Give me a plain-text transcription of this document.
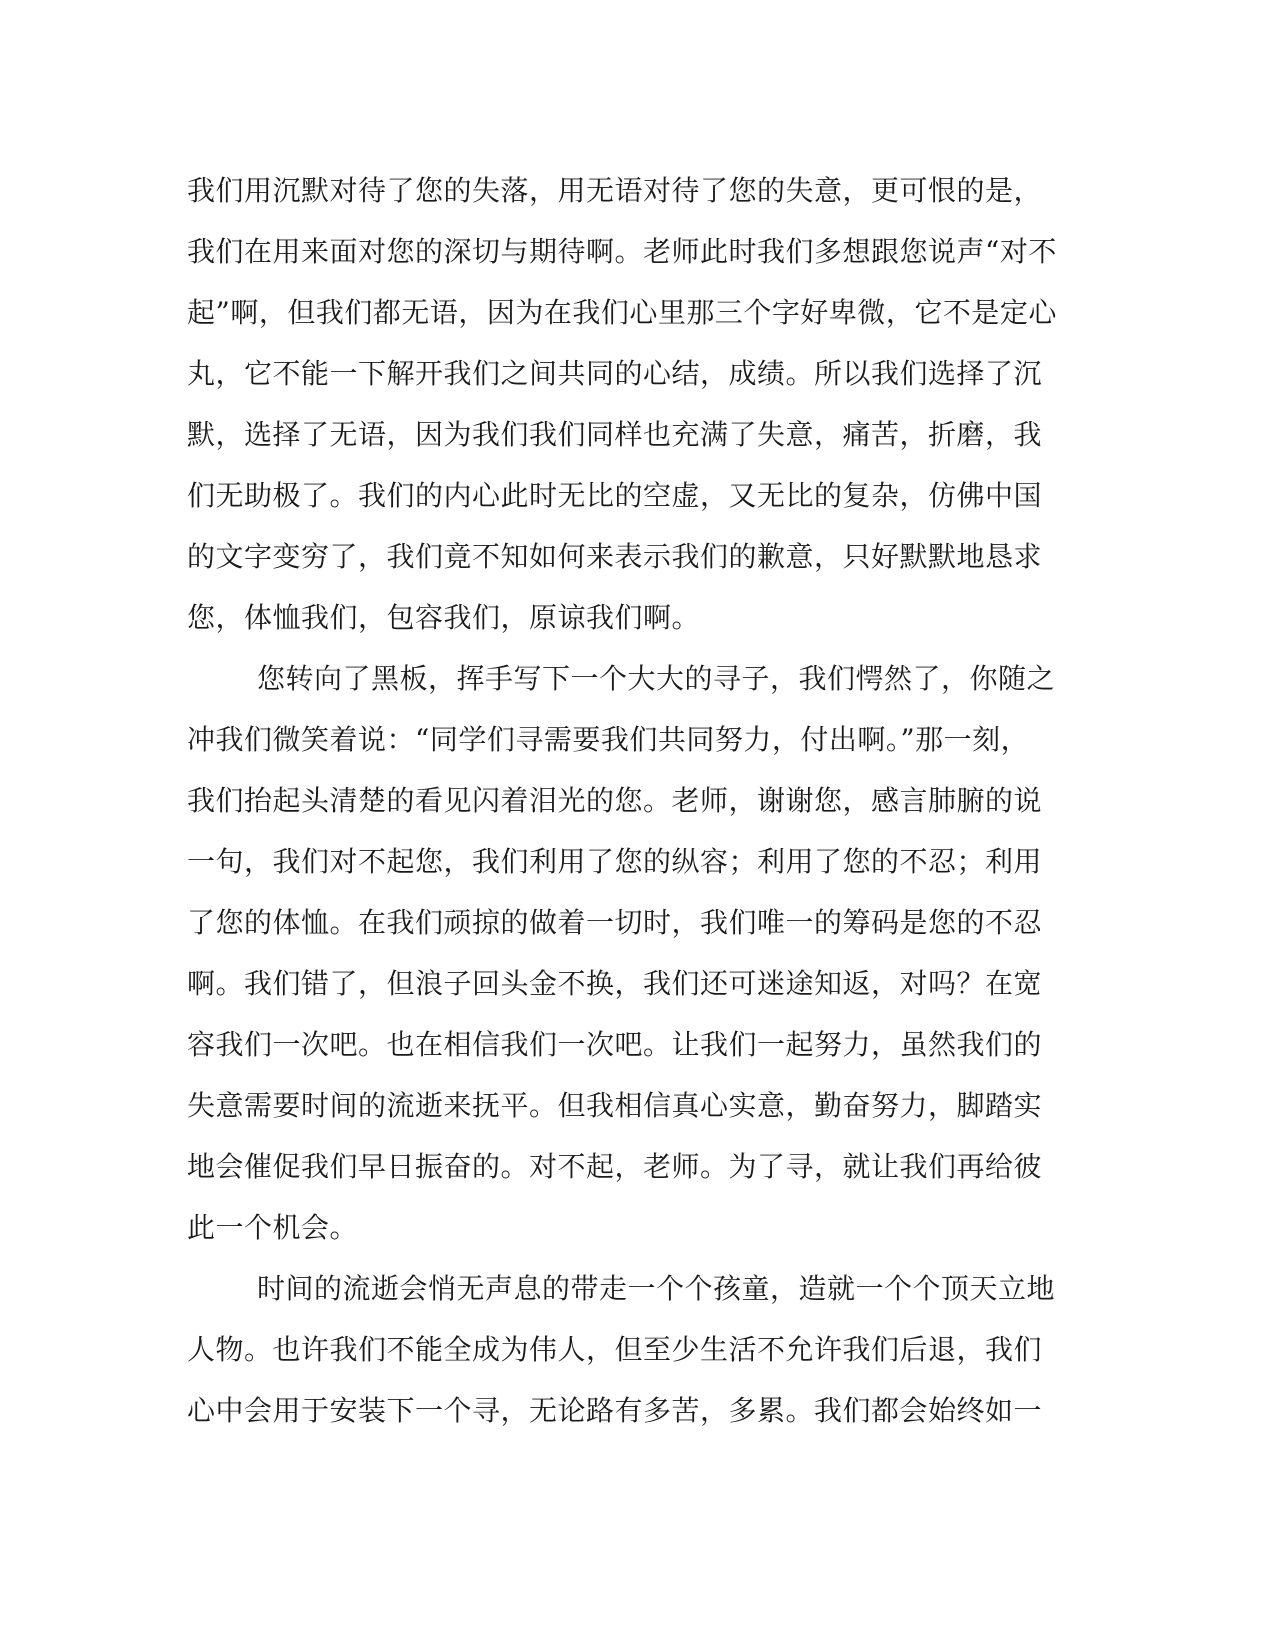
我们用沉默对待了您的失落，用无语对待了您的失意，更可恨的是，
我们在用来面对您的深切与期待啊。老师此时我们多想跟您说声“对不
起”啊，但我们都无语，因为在我们心里那三个字好卑微，它不是定心
丸，它不能一下解开我们之间共同的心结，成绩。所以我们选择了沉
默，选择了无语，因为我们我们同样也充满了失意，痛苦，折磨，我
们无助极了。我们的内心此时无比的空虚，又无比的复杂，仿佛中国
的文字变穷了，我们竟不知如何来表示我们的歉意，只好默默地恳求
您，体恤我们，包容我们，原谅我们啊。
您转向了黑板，挥手写下一个大大的寻子，我们愕然了，你随之
冲我们微笑着说：“同学们寻需要我们共同努力，付出啊。”那一刻，
我们抬起头清楚的看见闪着泪光的您。老师，谢谢您，感言肺腑的说
一句，我们对不起您，我们利用了您的纵容；利用了您的不忍；利用
了您的体恤。在我们顽掠的做着一切时，我们唯一的筹码是您的不忍
啊。我们错了，但浪子回头金不换，我们还可迷途知返，对吗？在宽
容我们一次吧。也在相信我们一次吧。让我们一起努力，虽然我们的
失意需要时间的流逝来抚平。但我相信真心实意，勤奋努力，脚踏实
地会催促我们早日振奋的。对不起，老师。为了寻，就让我们再给彼
此一个机会。
时间的流逝会悄无声息的带走一个个孩童，造就一个个顶天立地
人物。也许我们不能全成为伟人，但至少生活不允许我们后退，我们
心中会用于安装下一个寻，无论路有多苦，多累。我们都会始终如一
